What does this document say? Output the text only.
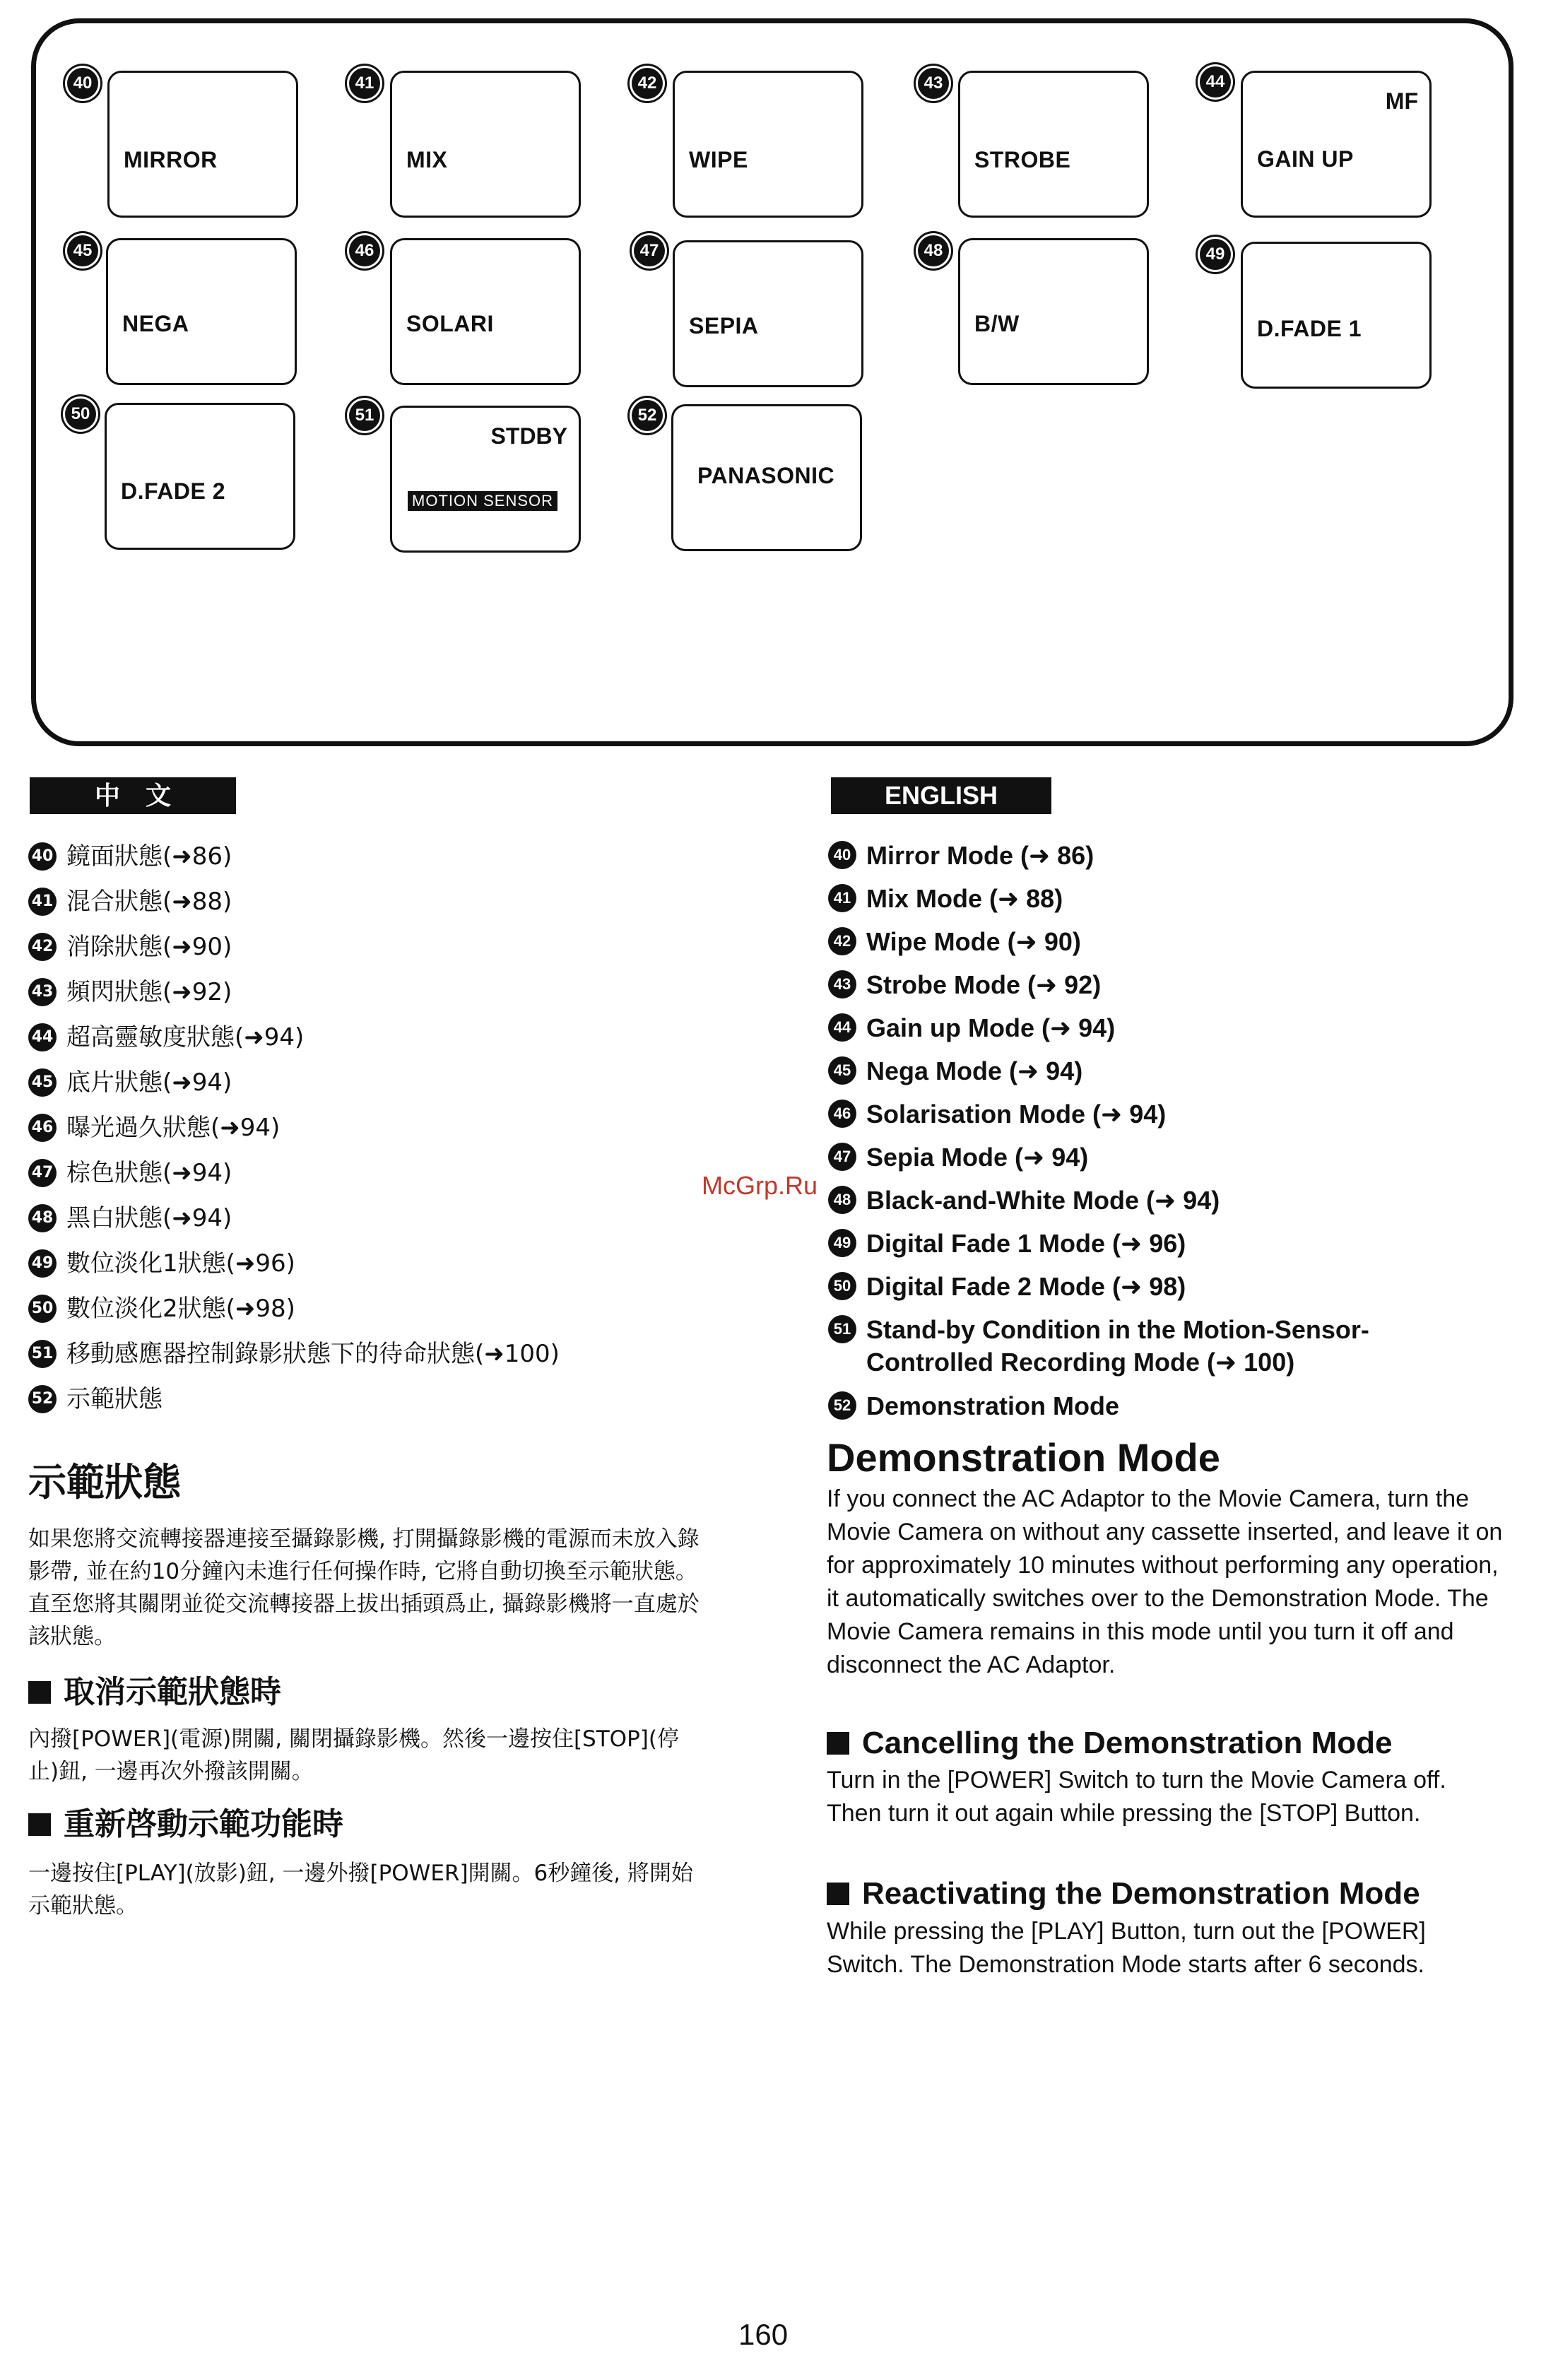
40
MIRROR
41
MIX
42
WIPE
43
STROBE
44
MF
GAIN UP
45
NEGA
46
SOLARI
47
SEPIA
48
B/W
49
D.FADE 1
50
D.FADE 2
51
STDBY
MOTION SENSOR
52
PANASONIC
中　文
40 鏡面狀態(➜86)
41 混合狀態(➜88)
42 消除狀態(➜90)
43 頻閃狀態(➜92)
44 超高靈敏度狀態(➜94)
45 底片狀態(➜94)
46 曝光過久狀態(➜94)
47 棕色狀態(➜94)
48 黑白狀態(➜94)
49 數位淡化1狀態(➜96)
50 數位淡化2狀態(➜98)
51 移動感應器控制錄影狀態下的待命狀態(➜100)
52 示範狀態
示範狀態

如果您將交流轉接器連接至攝錄影機, 打開攝錄影機的電源而未放入錄影帶, 並在約10分鐘內未進行任何操作時, 它將自動切換至示範狀態。直至您將其關閉並從交流轉接器上拔出插頭爲止, 攝錄影機將一直處於該狀態。

取消示範狀態時

內撥[POWER](電源)開關, 關閉攝錄影機。然後一邊按住[STOP](停止)鈕, 一邊再次外撥該開關。

重新啓動示範功能時

一邊按住[PLAY](放影)鈕, 一邊外撥[POWER]開關。6秒鐘後, 將開始示範狀態。

ENGLISH
40 Mirror Mode (➜ 86)
41 Mix Mode (➜ 88)
42 Wipe Mode (➜ 90)
43 Strobe Mode (➜ 92)
44 Gain up Mode (➜ 94)
45 Nega Mode (➜ 94)
46 Solarisation Mode (➜ 94)
47 Sepia Mode (➜ 94)
48 Black-and-White Mode (➜ 94)
49 Digital Fade 1 Mode (➜ 96)
50 Digital Fade 2 Mode (➜ 98)
51 Stand-by Condition in the Motion-Sensor-Controlled Recording Mode (➜ 100)
52 Demonstration Mode
Demonstration Mode

If you connect the AC Adaptor to the Movie Camera, turn the Movie Camera on without any cassette inserted, and leave it on for approximately 10 minutes without performing any operation, it automatically switches over to the Demonstration Mode. The Movie Camera remains in this mode until you turn it off and disconnect the AC Adaptor.

Cancelling the Demonstration Mode

Turn in the [POWER] Switch to turn the Movie Camera off. Then turn it out again while pressing the [STOP] Button.

Reactivating the Demonstration Mode

While pressing the [PLAY] Button, turn out the [POWER] Switch. The Demonstration Mode starts after 6 seconds.

McGrp.Ru
160
